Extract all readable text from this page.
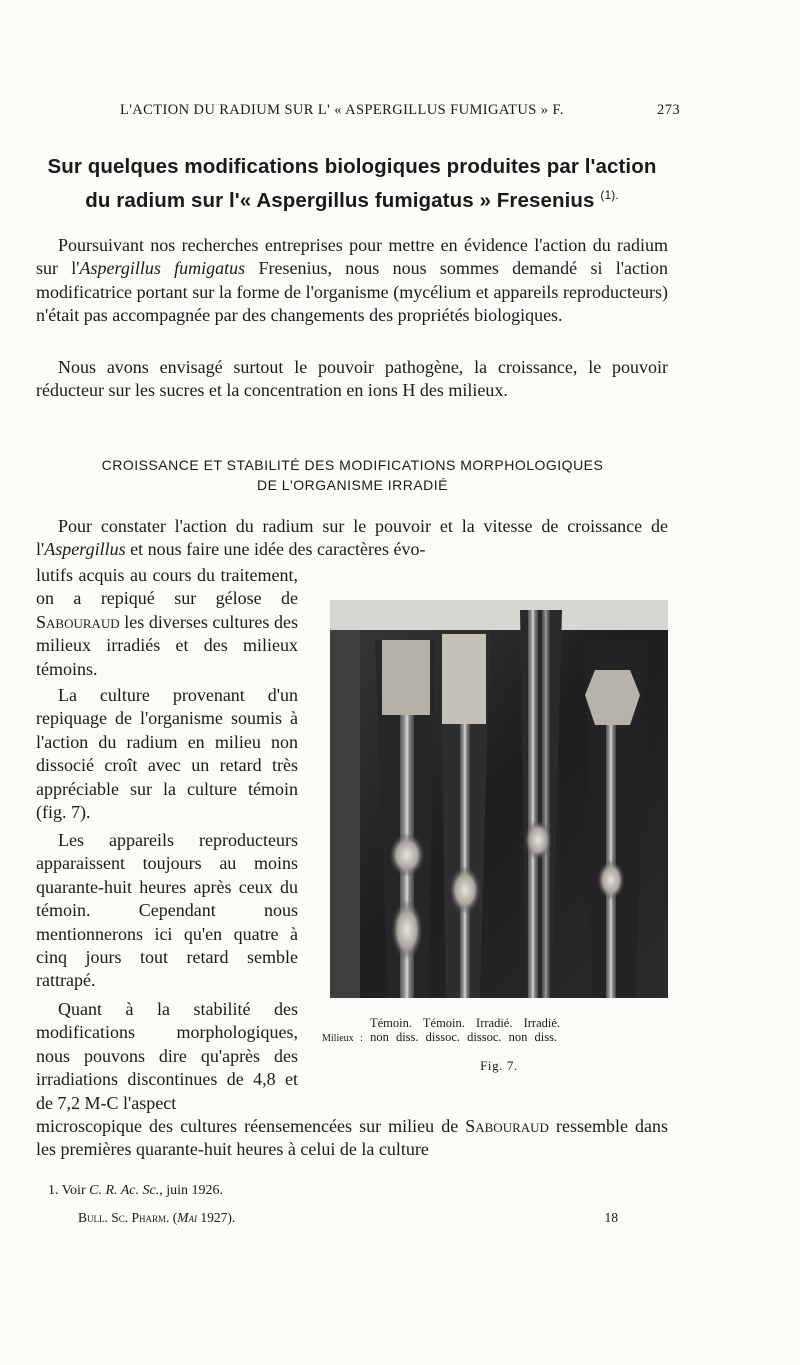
L'ACTION DU RADIUM SUR L' « ASPERGILLUS FUMIGATUS » F.	273
Sur quelques modifications biologiques produites par l'action
du radium sur l'« Aspergillus fumigatus » Fresenius $^{(1).}$
Poursuivant nos recherches entreprises pour mettre en évidence l'action du radium sur l'Aspergillus fumigatus Fresenius, nous nous sommes demandé si l'action modificatrice portant sur la forme de l'organisme (mycélium et appareils reproducteurs) n'était pas accompagnée par des changements des propriétés biologiques.
Nous avons envisagé surtout le pouvoir pathogène, la croissance, le pouvoir réducteur sur les sucres et la concentration en ions H des milieux.
CROISSANCE ET STABILITÉ DES MODIFICATIONS MORPHOLOGIQUES
DE L'ORGANISME IRRADIÉ
Pour constater l'action du radium sur le pouvoir et la vitesse de croissance de l'Aspergillus et nous faire une idée des caractères évo-
lutifs acquis au cours du traitement, on a repiqué sur gélose de Sabouraud les diverses cultures des milieux irradiés et des milieux témoins.
La culture provenant d'un repiquage de l'organisme soumis à l'action du radium en milieu non dissocié croît avec un retard très appréciable sur la culture témoin (fig. 7).
Les appareils reproducteurs apparaissent toujours au moins quarante-huit heures après ceux du témoin. Cependant nous mentionnerons ici qu'en quatre à cinq jours tout retard semble rattrapé.
Quant à la stabilité des modifications morphologiques, nous pouvons dire qu'après des irradiations discontinues de 4,8 et de 7,2 M-C l'aspect
microscopique des cultures réensemencées sur milieu de Sabouraud ressemble dans les premières quarante-huit heures à celui de la culture
Témoin. Témoin. Irradié. Irradié.
Milieux : non diss. dissoc. dissoc. non diss.
Fig. 7.
1. Voir C. R. Ac. Sc., juin 1926.
Bull. Sc. Pharm. (Mai 1927).	18
